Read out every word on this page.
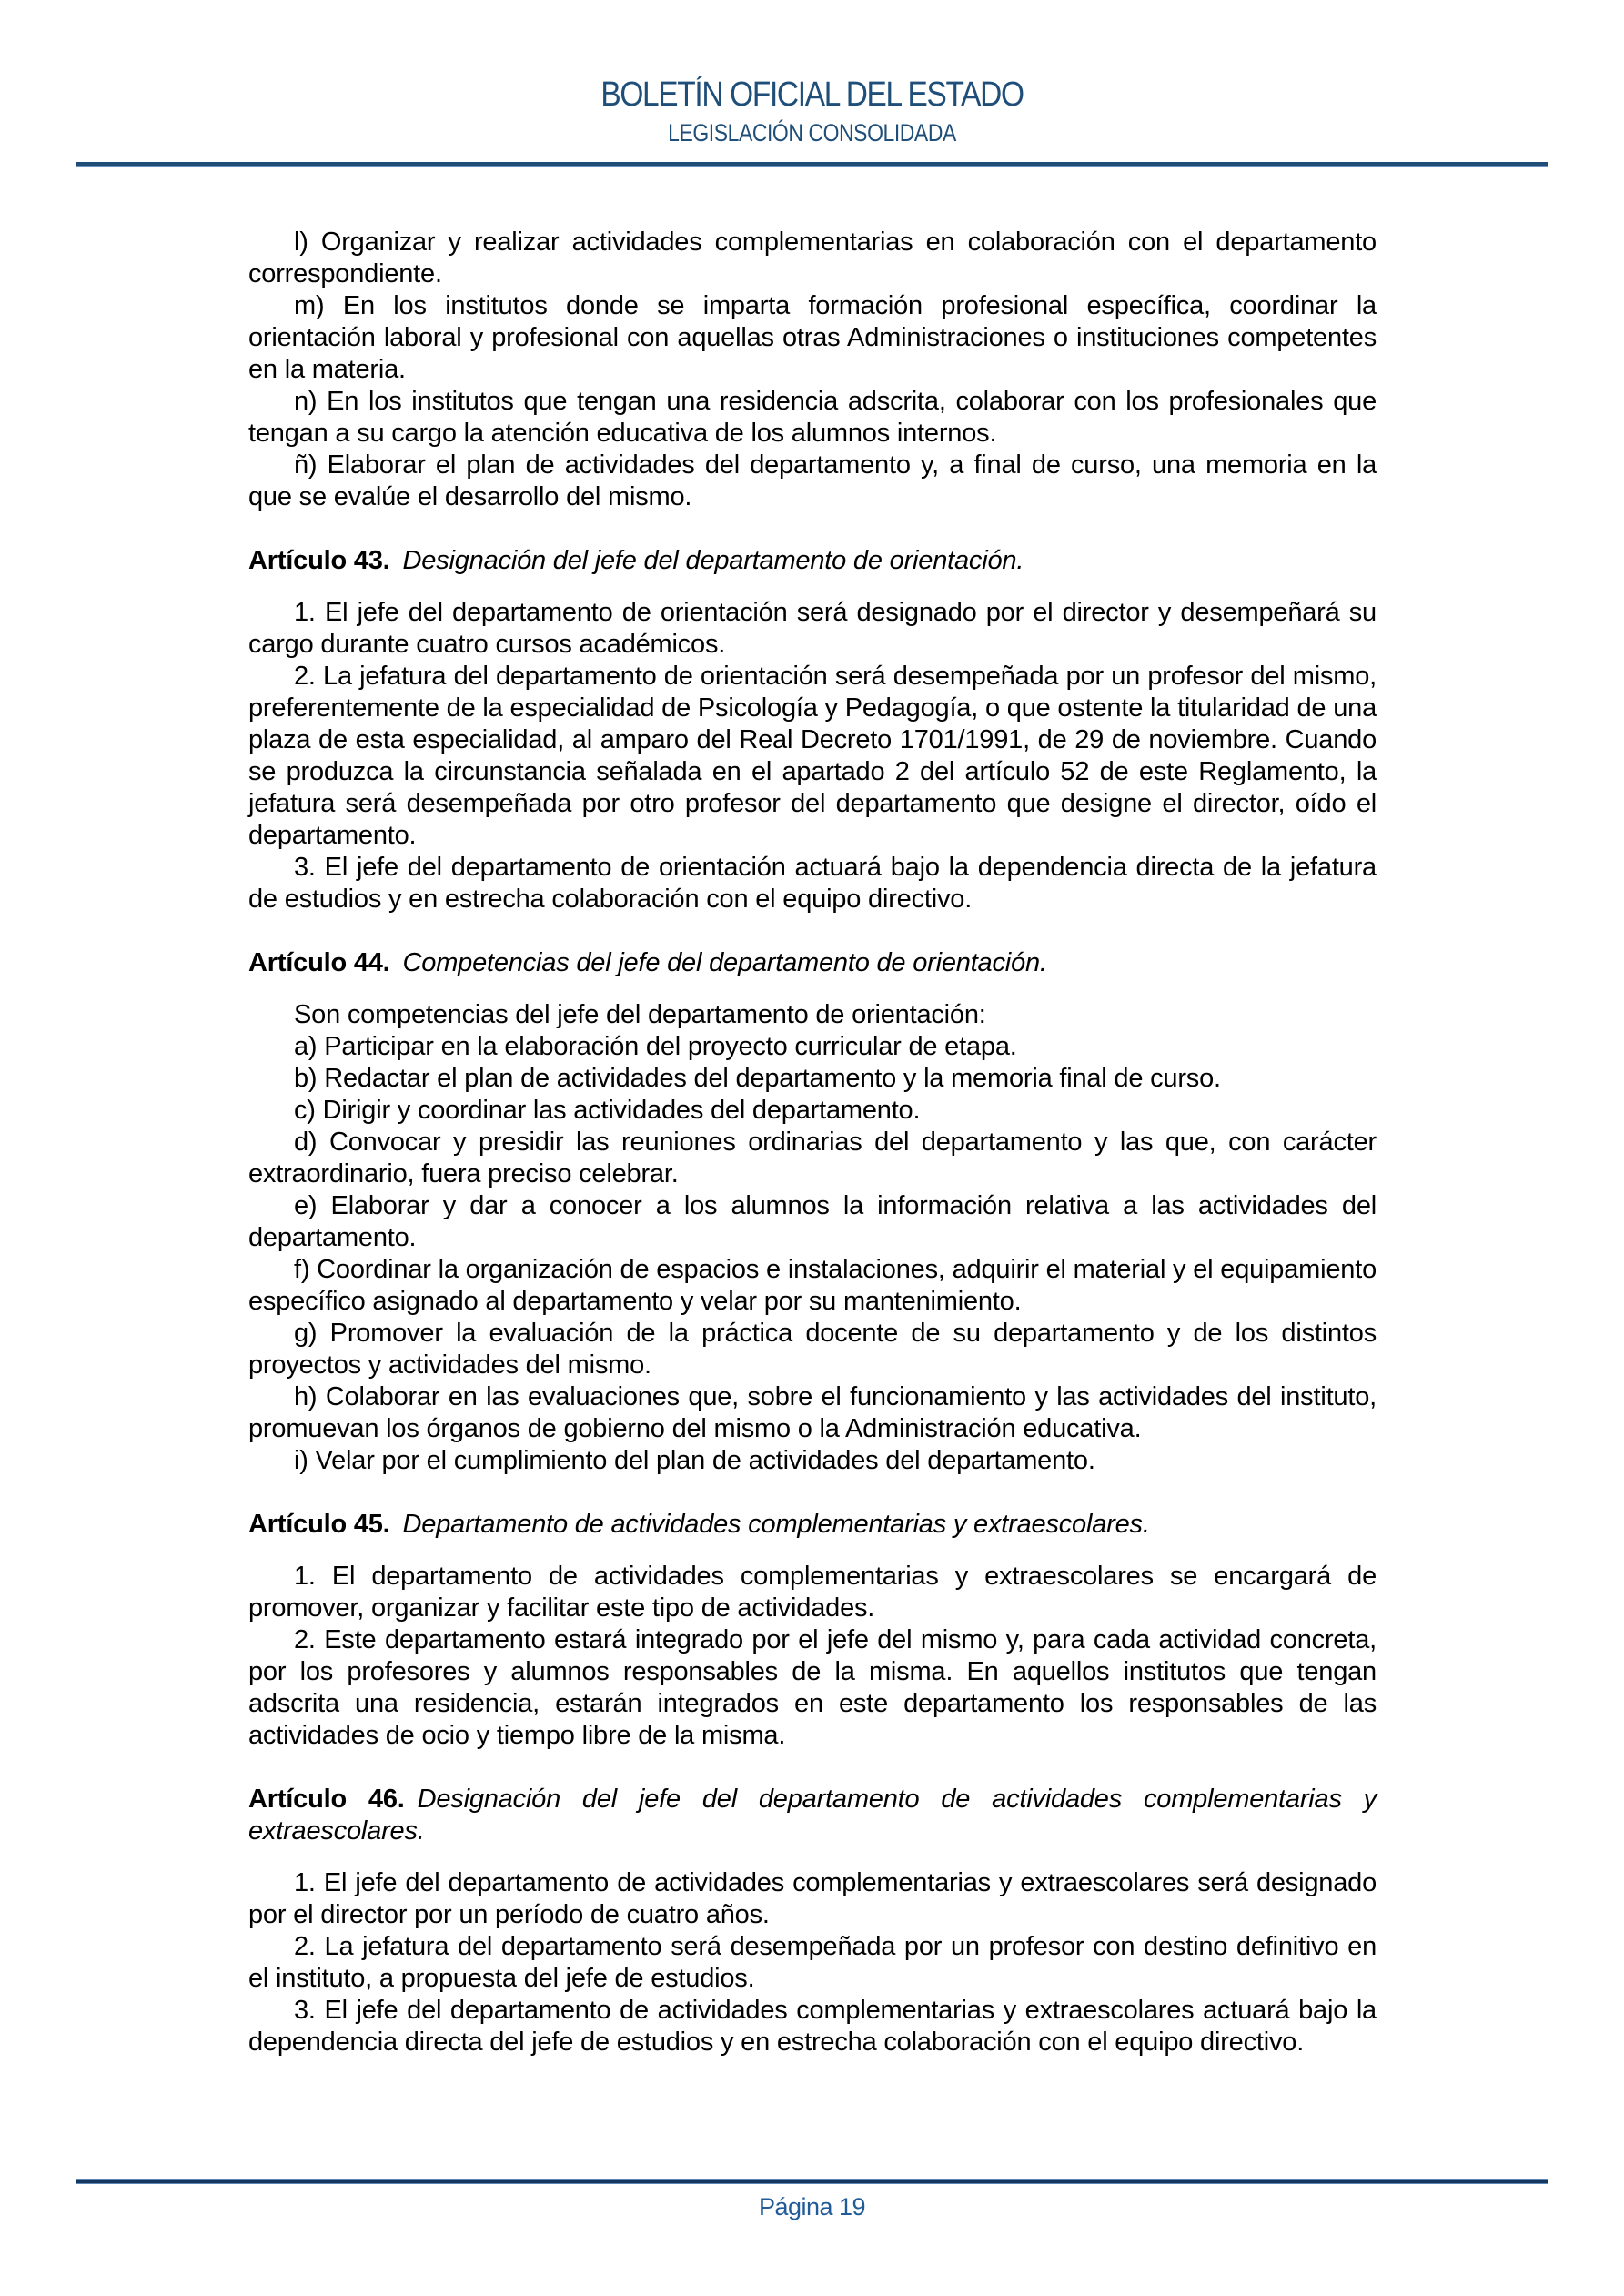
BOLETÍN OFICIAL DEL ESTADO
LEGISLACIÓN CONSOLIDADA

l) Organizar y realizar actividades complementarias en colaboración con el departamento correspondiente.

m) En los institutos donde se imparta formación profesional específica, coordinar la orientación laboral y profesional con aquellas otras Administraciones o instituciones competentes en la materia.

n) En los institutos que tengan una residencia adscrita, colaborar con los profesionales que tengan a su cargo la atención educativa de los alumnos internos.

ñ) Elaborar el plan de actividades del departamento y, a final de curso, una memoria en la que se evalúe el desarrollo del mismo.

Artículo 43. Designación del jefe del departamento de orientación.

1. El jefe del departamento de orientación será designado por el director y desempeñará su cargo durante cuatro cursos académicos.

2. La jefatura del departamento de orientación será desempeñada por un profesor del mismo, preferentemente de la especialidad de Psicología y Pedagogía, o que ostente la titularidad de una plaza de esta especialidad, al amparo del Real Decreto 1701/1991, de 29 de noviembre. Cuando se produzca la circunstancia señalada en el apartado 2 del artículo 52 de este Reglamento, la jefatura será desempeñada por otro profesor del departamento que designe el director, oído el departamento.

3. El jefe del departamento de orientación actuará bajo la dependencia directa de la jefatura de estudios y en estrecha colaboración con el equipo directivo.

Artículo 44. Competencias del jefe del departamento de orientación.

Son competencias del jefe del departamento de orientación:

a) Participar en la elaboración del proyecto curricular de etapa.

b) Redactar el plan de actividades del departamento y la memoria final de curso.

c) Dirigir y coordinar las actividades del departamento.

d) Convocar y presidir las reuniones ordinarias del departamento y las que, con carácter extraordinario, fuera preciso celebrar.

e) Elaborar y dar a conocer a los alumnos la información relativa a las actividades del departamento.

f) Coordinar la organización de espacios e instalaciones, adquirir el material y el equipamiento específico asignado al departamento y velar por su mantenimiento.

g) Promover la evaluación de la práctica docente de su departamento y de los distintos proyectos y actividades del mismo.

h) Colaborar en las evaluaciones que, sobre el funcionamiento y las actividades del instituto, promuevan los órganos de gobierno del mismo o la Administración educativa.

i) Velar por el cumplimiento del plan de actividades del departamento.

Artículo 45. Departamento de actividades complementarias y extraescolares.

1. El departamento de actividades complementarias y extraescolares se encargará de promover, organizar y facilitar este tipo de actividades.

2. Este departamento estará integrado por el jefe del mismo y, para cada actividad concreta, por los profesores y alumnos responsables de la misma. En aquellos institutos que tengan adscrita una residencia, estarán integrados en este departamento los responsables de las actividades de ocio y tiempo libre de la misma.

Artículo 46. Designación del jefe del departamento de actividades complementarias y extraescolares.

1. El jefe del departamento de actividades complementarias y extraescolares será designado por el director por un período de cuatro años.

2. La jefatura del departamento será desempeñada por un profesor con destino definitivo en el instituto, a propuesta del jefe de estudios.

3. El jefe del departamento de actividades complementarias y extraescolares actuará bajo la dependencia directa del jefe de estudios y en estrecha colaboración con el equipo directivo.

Página 19
